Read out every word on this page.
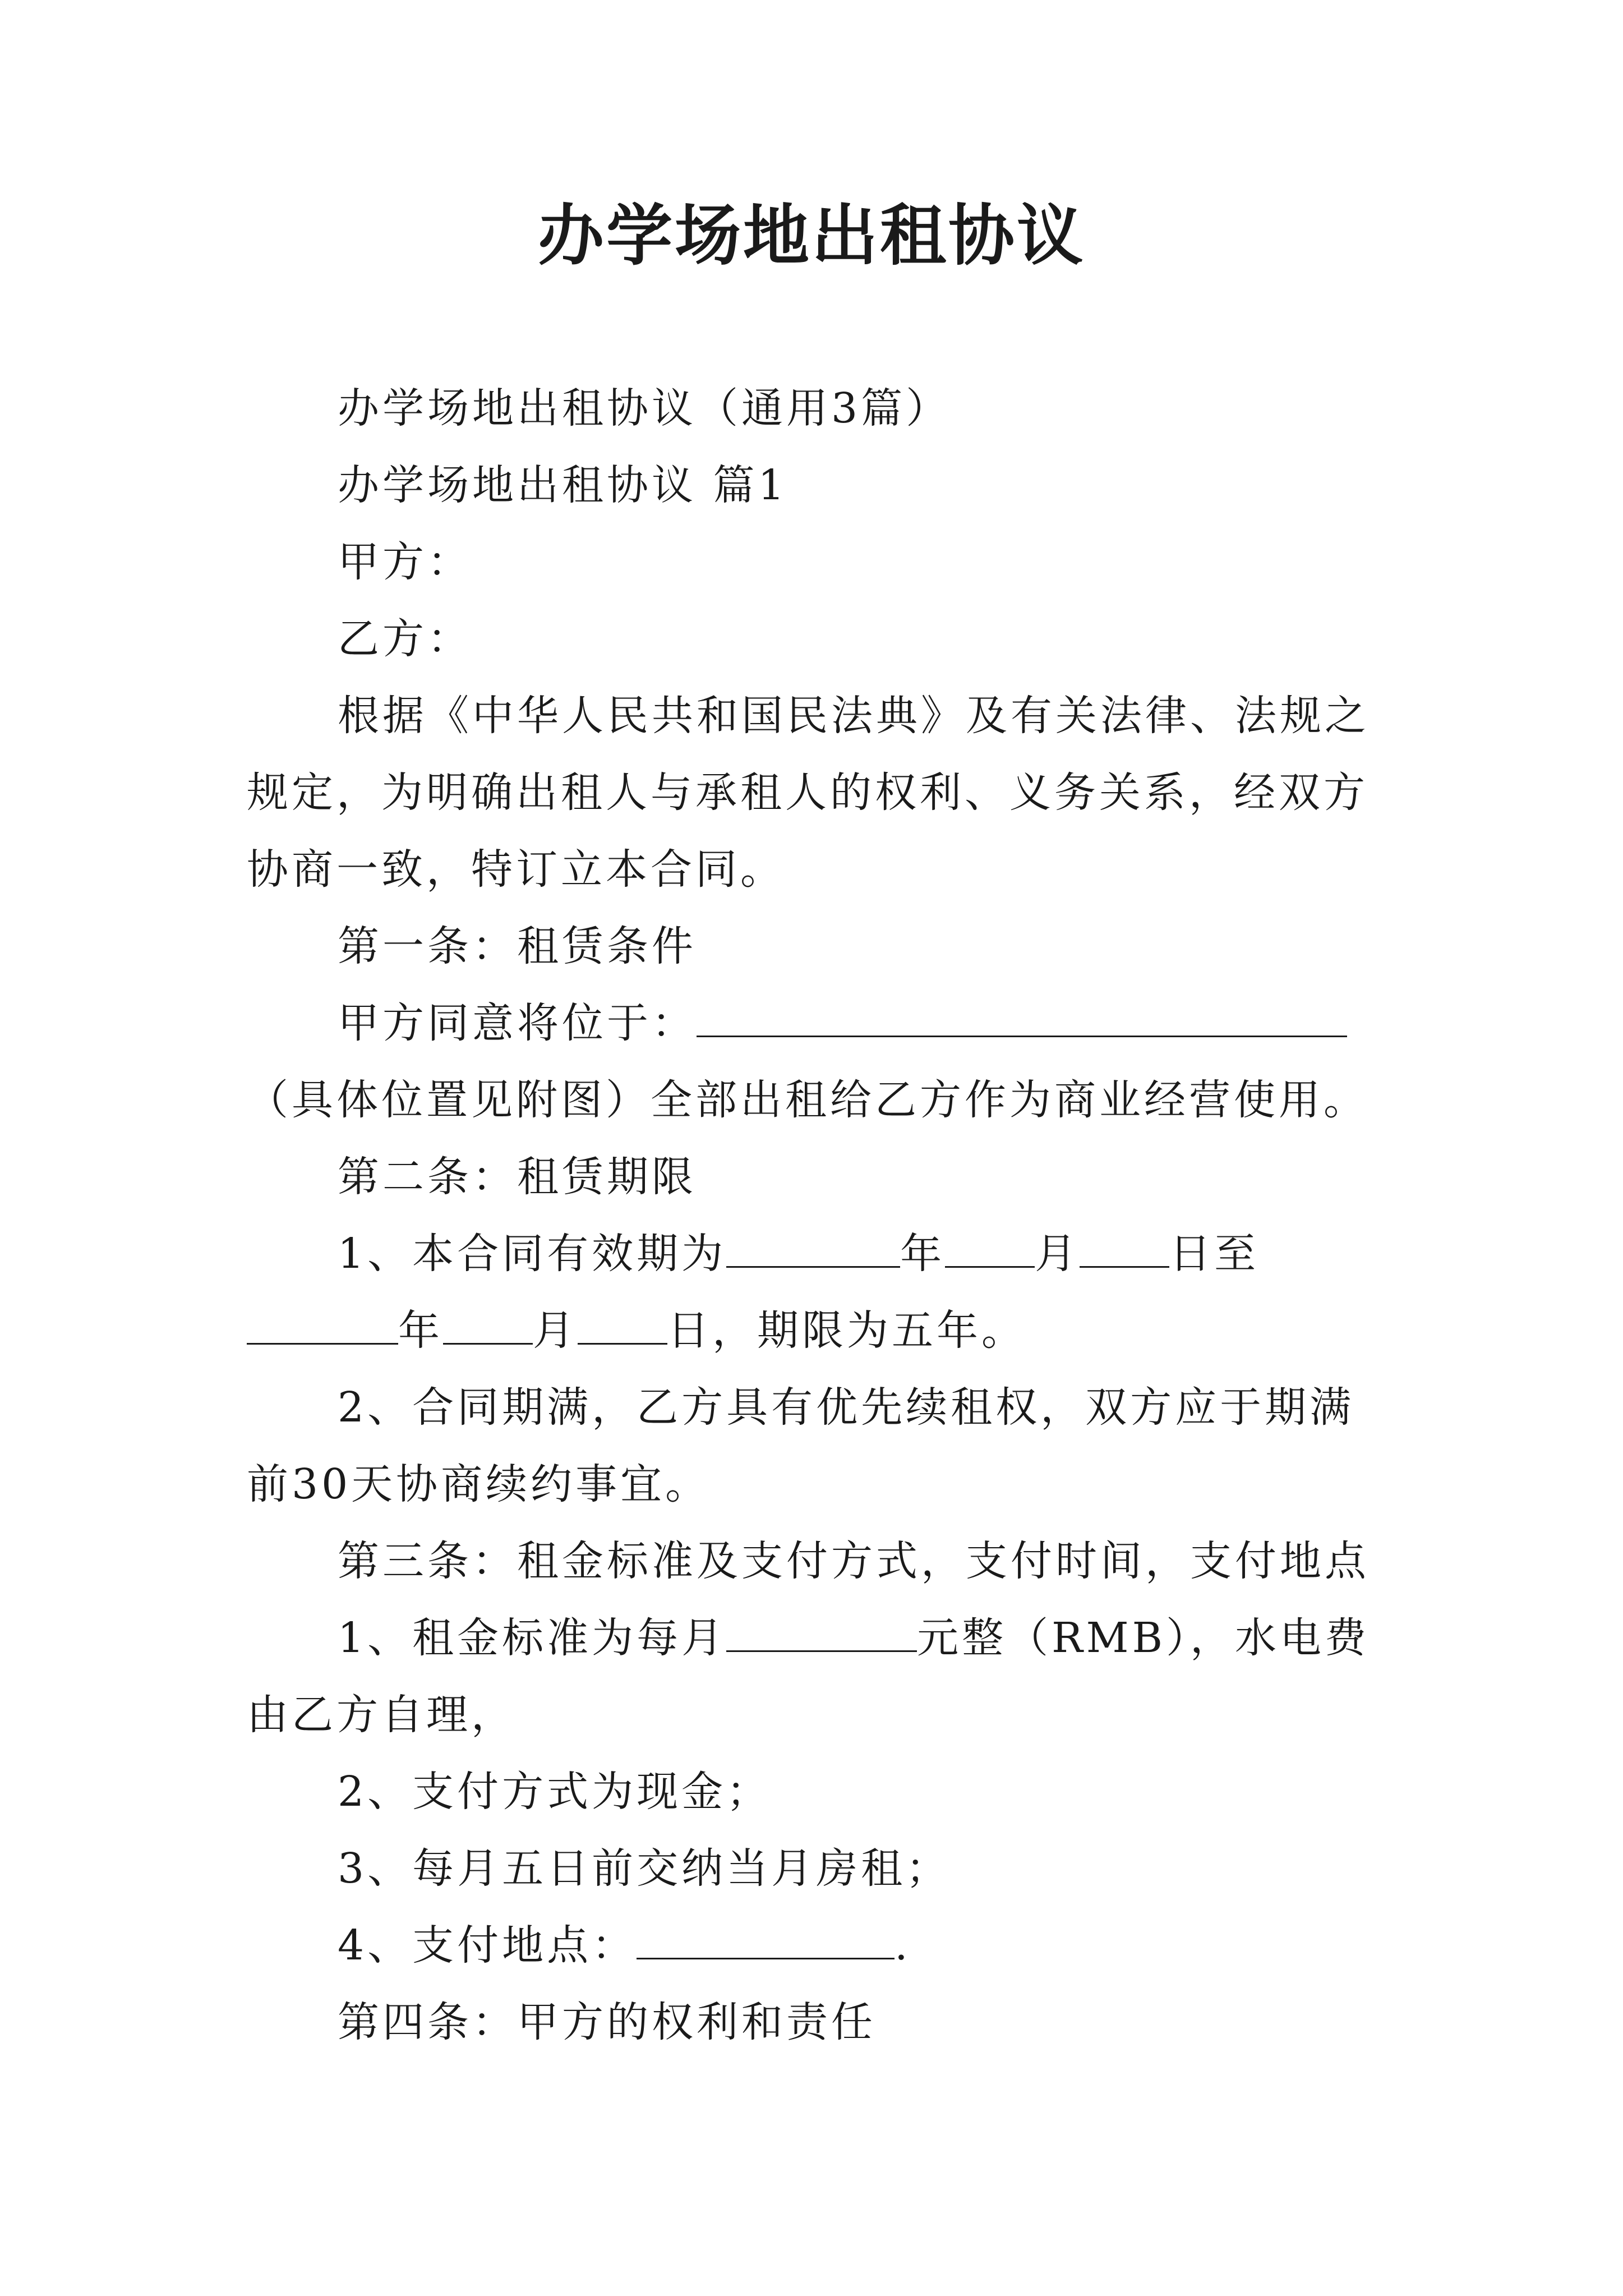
办学场地出租协议

办学场地出租协议（通用3篇）

办学场地出租协议 篇1

甲方：

乙方：

根据《中华人民共和国民法典》及有关法律、法规之规定，为明确出租人与承租人的权利、义务关系，经双方协商一致，特订立本合同。

第一条：租赁条件

甲方同意将位于：（具体位置见附图）全部出租给乙方作为商业经营使用。

第二条：租赁期限

1、本合同有效期为	年 月 日至年 月 日，期限为五年。

2、合同期满，乙方具有优先续租权，双方应于期满前30天协商续约事宜。

第三条：租金标准及支付方式，支付时间，支付地点

1、租金标准为每月	元整（RMB），水电费由乙方自理，

2、支付方式为现金；

3、每月五日前交纳当月房租；

4、支付地点：	.

第四条：甲方的权利和责任
